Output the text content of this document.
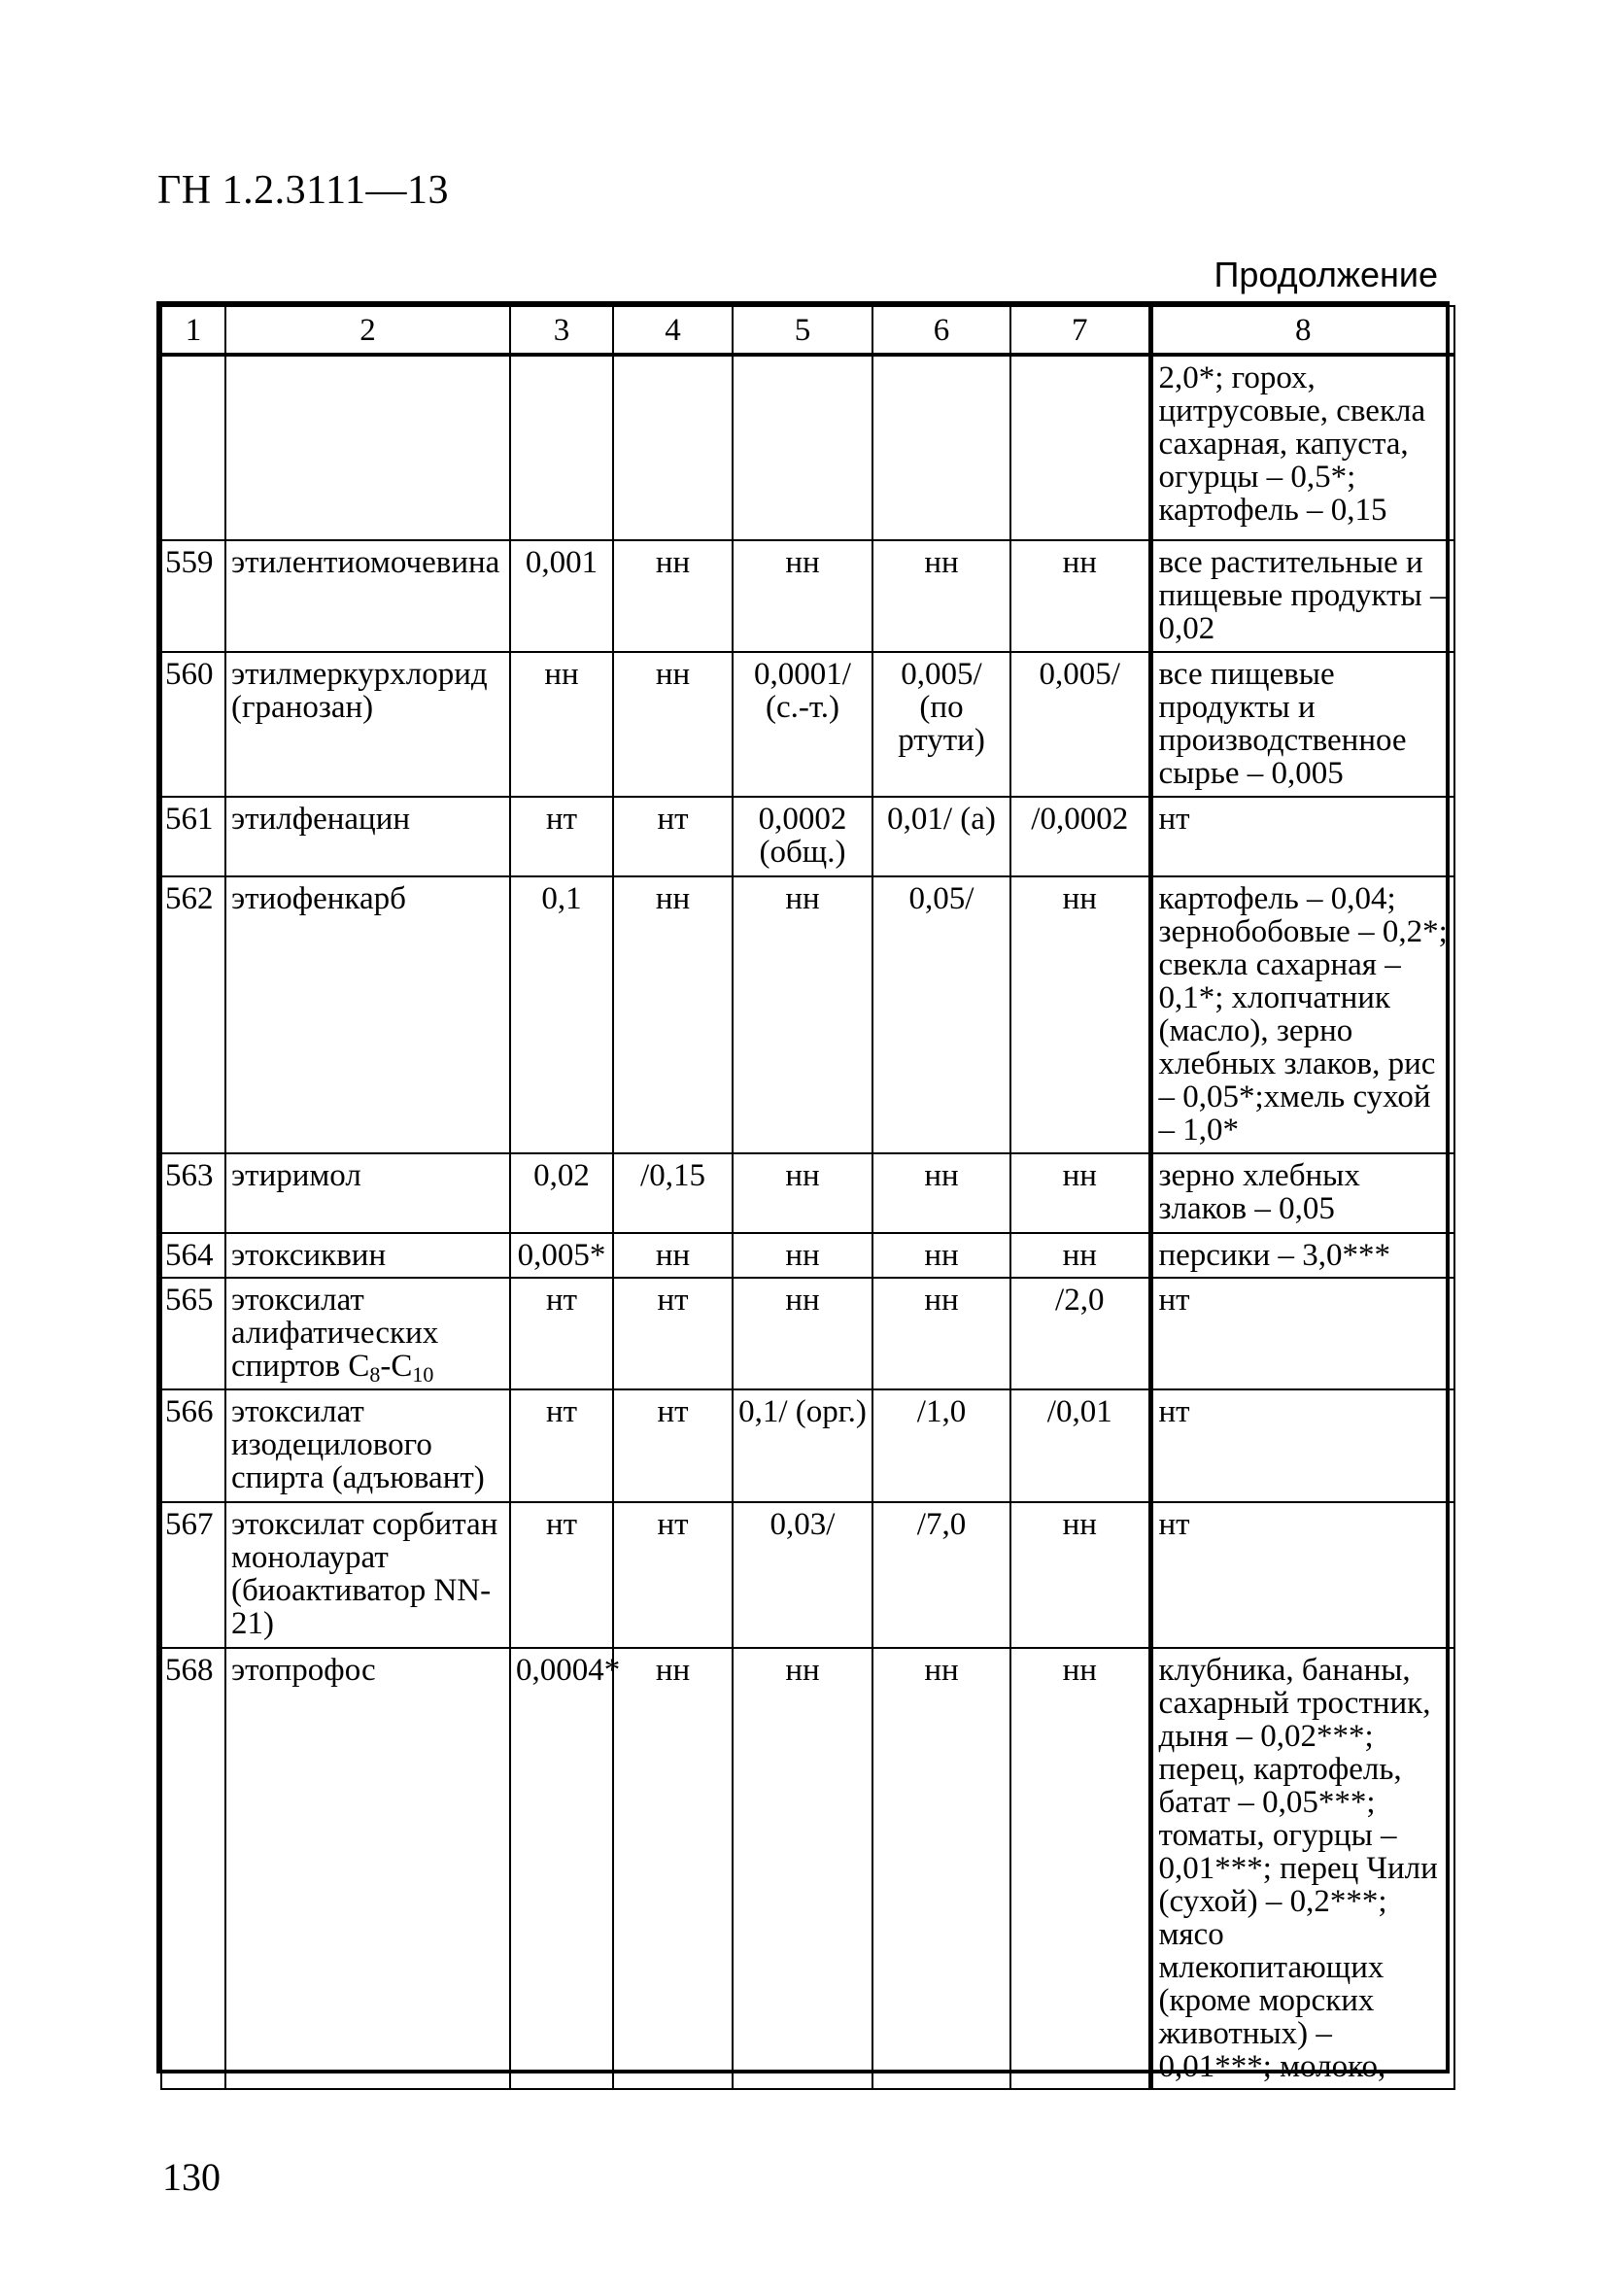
ГН 1.2.3111—13
Продолжение
1	2	3	4	5	6	7	8
							2,0*; горох, цитрусовые, свекла сахарная, капуста, огурцы – 0,5*; картофель – 0,15
559	этилентиомочевина	0,001	нн	нн	нн	нн	все растительные и пищевые продукты – 0,02
560	этилмеркурхлорид (гранозан)	нн	нн	0,0001/ (с.-т.)	0,005/ (по ртути)	0,005/	все пищевые продукты и производственное сырье – 0,005
561	этилфенацин	нт	нт	0,0002 (общ.)	0,01/ (а)	/0,0002	нт
562	этиофенкарб	0,1	нн	нн	0,05/	нн	картофель – 0,04; зернобобовые – 0,2*; свекла сахарная – 0,1*; хлопчатник (масло), зерно хлебных злаков, рис – 0,05*;хмель сухой – 1,0*
563	этиримол	0,02	/0,15	нн	нн	нн	зерно хлебных злаков – 0,05
564	этоксиквин	0,005*	нн	нн	нн	нн	персики – 3,0***
565	этоксилат алифатических спиртов $C_8-C_{10}$	нт	нт	нн	нн	/2,0	нт
566	этоксилат изодецилового спирта (адъювант)	нт	нт	0,1/ (орг.)	/1,0	/0,01	нт
567	этоксилат сорбитан монолаурат (биоактиватор NN-21)	нт	нт	0,03/	/7,0	нн	нт
568	этопрофос	0,0004*	нн	нн	нн	нн	клубника, бананы, сахарный тростник, дыня – 0,02***; перец, картофель, батат – 0,05***; томаты, огурцы – 0,01***; перец Чили (сухой) – 0,2***; мясо млекопитающих (кроме морских животных) – 0,01***; молоко,
130
